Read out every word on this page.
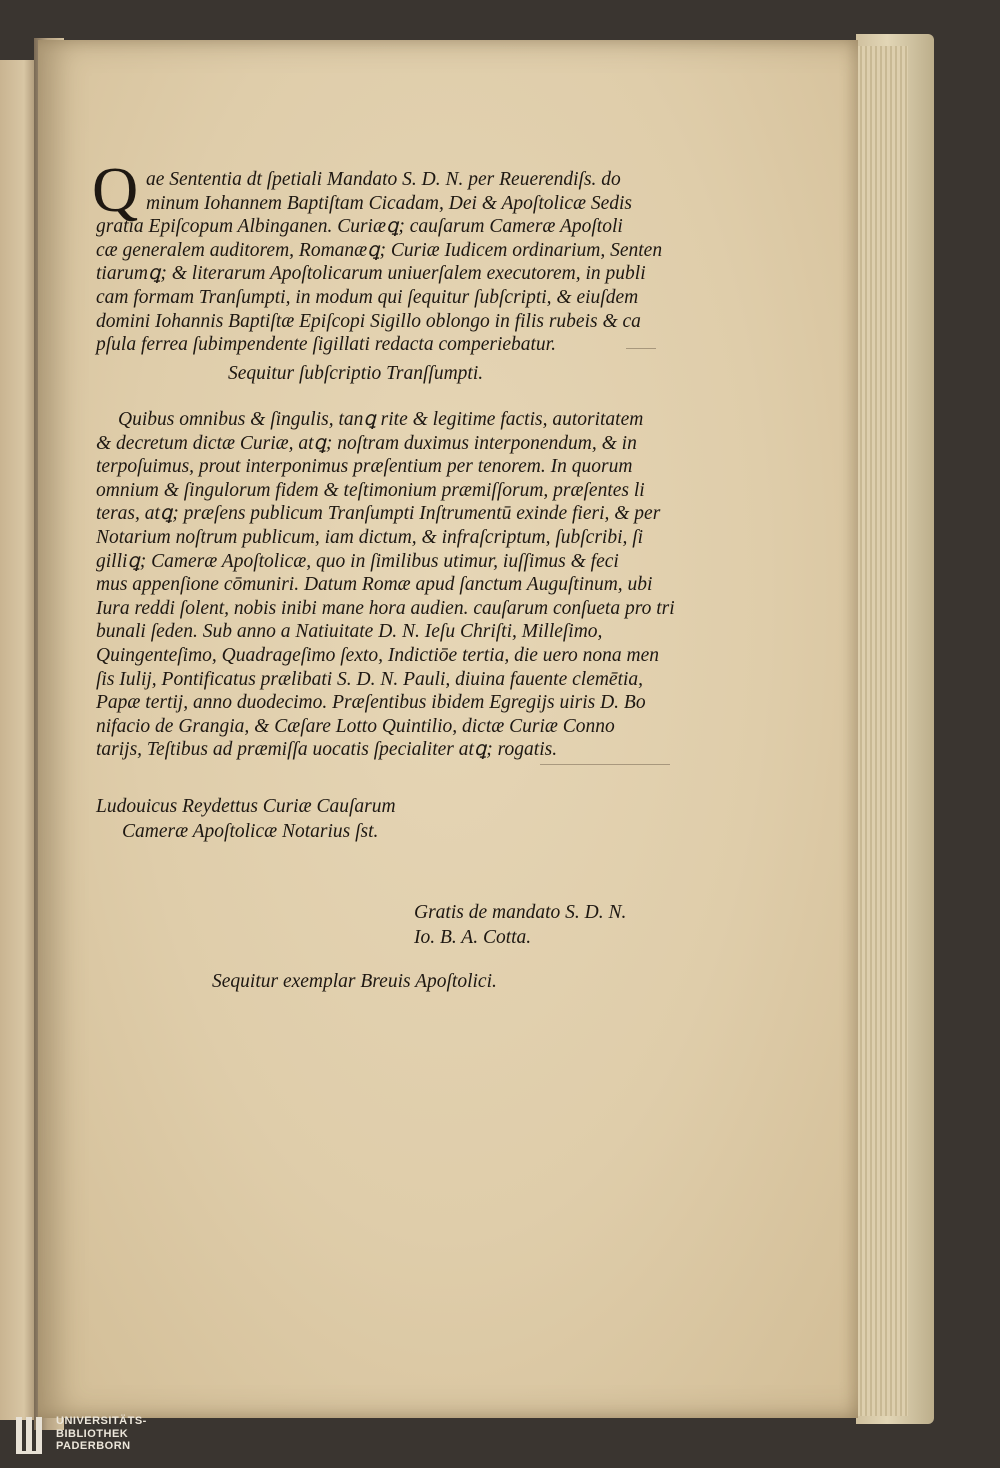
Q ae Sententia dt ſpetiali Mandato S. D. N. per Reuerendiſs. do
minum Iohannem Baptiſtam Cicadam, Dei & Apoſtolicæ Sedis
gratia Epiſcopum Albinganen. Curiæꝗ; cauſarum Cameræ Apoſtoli
cæ generalem auditorem, Romanæꝗ; Curiæ Iudicem ordinarium, Senten
tiarumꝗ; & literarum Apoſtolicarum uniuerſalem executorem, in publi
cam formam Tranſumpti, in modum qui ſequitur ſubſcripti, & eiuſdem
domini Iohannis Baptiſtæ Epiſcopi Sigillo oblongo in filis rubeis & ca
pſula ferrea ſubimpendente ſigillati redacta comperiebatur.
Sequitur ſubſcriptio Tranſſumpti.
Quibus omnibus & ſingulis, tanꝗ rite & legitime factis, autoritatem
& decretum dictæ Curiæ, atꝗ; noſtram duximus interponendum, & in
terpoſuimus, prout interponimus præſentium per tenorem. In quorum
omnium & ſingulorum fidem & teſtimonium præmiſſorum, præſentes li
teras, atꝗ; præſens publicum Tranſumpti Inſtrumentū exinde fieri, & per
Notarium noſtrum publicum, iam dictum, & infraſcriptum, ſubſcribi, ſi
gilliꝗ; Cameræ Apoſtolicæ, quo in ſimilibus utimur, iuſſimus & feci
mus appenſione cōmuniri. Datum Romæ apud ſanctum Auguſtinum, ubi
Iura reddi ſolent, nobis inibi mane hora audien. cauſarum conſueta pro tri
bunali ſeden. Sub anno a Natiuitate D. N. Ieſu Chriſti, Milleſimo,
Quingenteſimo, Quadrageſimo ſexto, Indictiōe tertia, die uero nona men
ſis Iulij, Pontificatus prælibati S. D. N. Pauli, diuina fauente clemētia,
Papæ tertij, anno duodecimo. Præſentibus ibidem Egregijs uiris D. Bo
nifacio de Grangia, & Cæſare Lotto Quintilio, dictæ Curiæ Conno
tarijs, Teſtibus ad præmiſſa uocatis ſpecialiter atꝗ; rogatis.
Ludouicus Reydettus Curiæ Cauſarum
Cameræ Apoſtolicæ Notarius ſst.
Gratis de mandato S. D. N.
Io. B. A. Cotta.
Sequitur exemplar Breuis Apoſtolici.
UNIVERSITÄTS-
BIBLIOTHEK
PADERBORN
